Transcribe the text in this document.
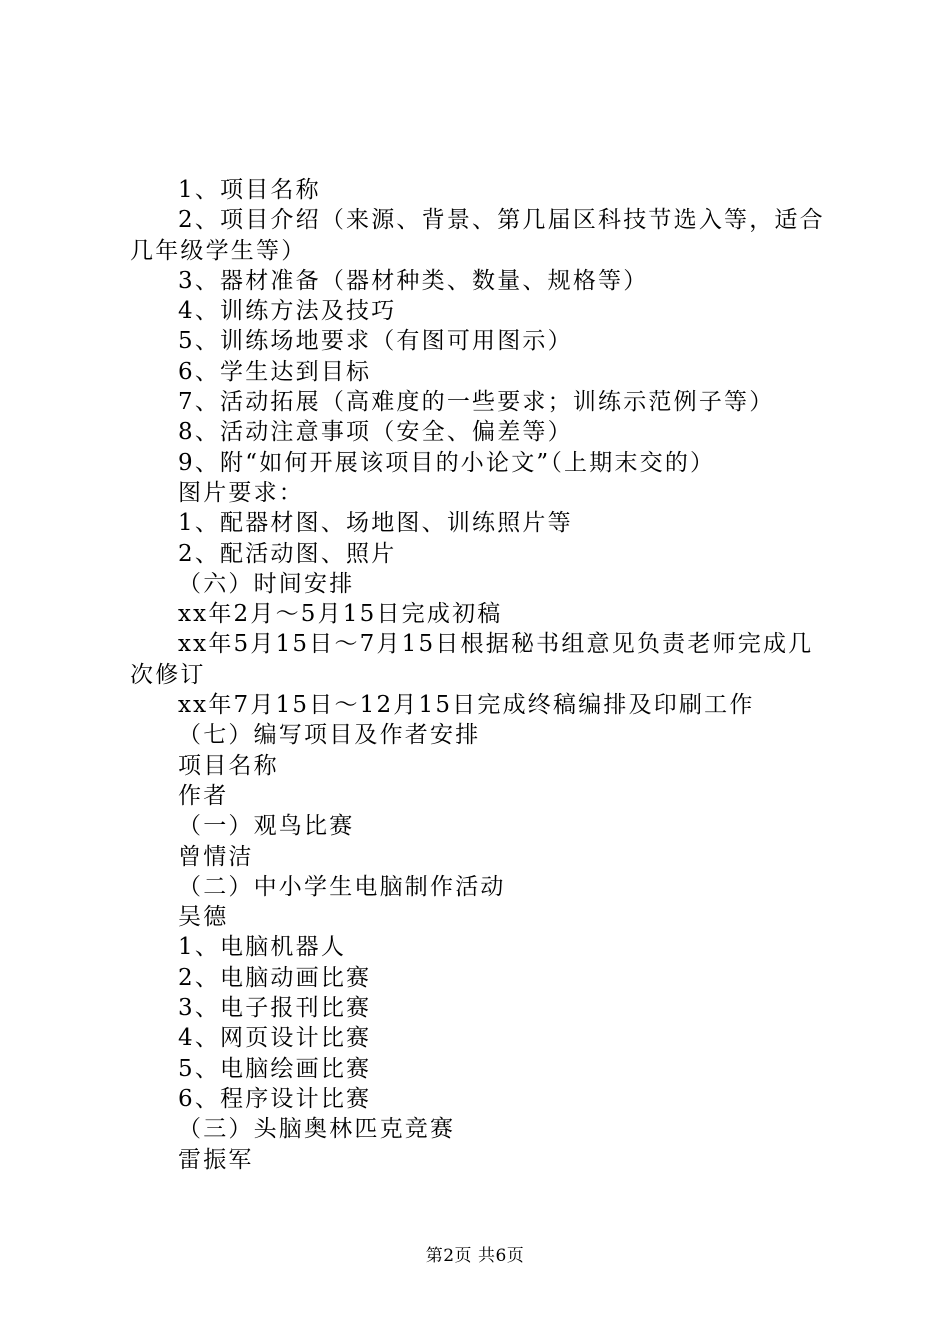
1、项目名称

2、项目介绍（来源、背景、第几届区科技节选入等，适合几年级学生等）

3、器材准备（器材种类、数量、规格等）

4、训练方法及技巧

5、训练场地要求（有图可用图示）

6、学生达到目标

7、活动拓展（高难度的一些要求；训练示范例子等）

8、活动注意事项（安全、偏差等）

9、附“如何开展该项目的小论文”（上期末交的）

图片要求：

1、配器材图、场地图、训练照片等

2、配活动图、照片

（六）时间安排

xx年2月～5月15日完成初稿

xx年5月15日～7月15日根据秘书组意见负责老师完成几次修订

xx年7月15日～12月15日完成终稿编排及印刷工作

（七）编写项目及作者安排

项目名称

作者

（一）观鸟比赛

曾情洁

（二）中小学生电脑制作活动

吴德

1、电脑机器人

2、电脑动画比赛

3、电子报刊比赛

4、网页设计比赛

5、电脑绘画比赛

6、程序设计比赛

（三）头脑奥林匹克竞赛

雷振军

第2页 共6页
